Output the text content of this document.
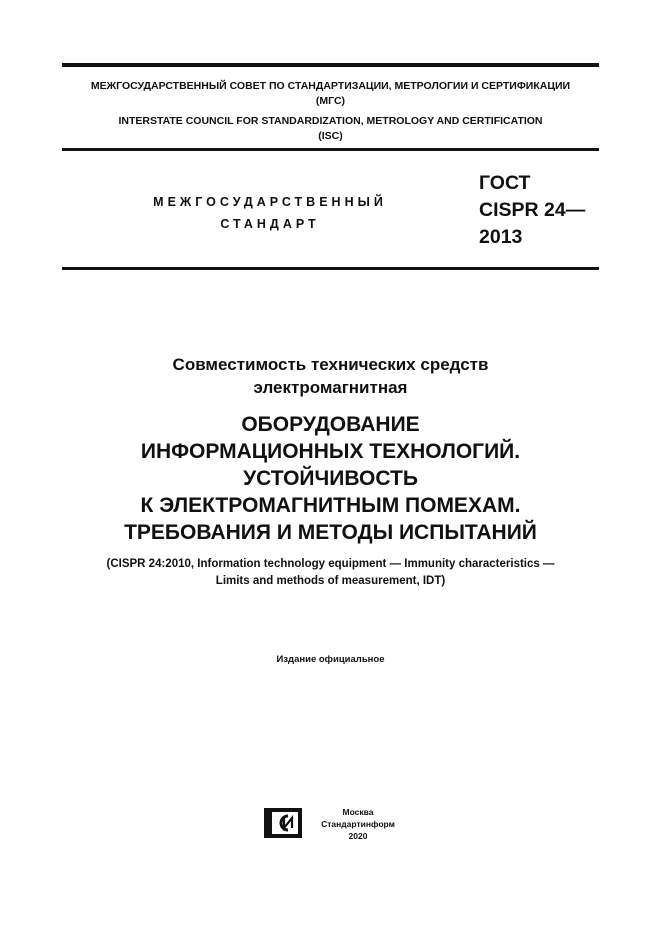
МЕЖГОСУДАРСТВЕННЫЙ СОВЕТ ПО СТАНДАРТИЗАЦИИ, МЕТРОЛОГИИ И СЕРТИФИКАЦИИ
(МГС)
INTERSTATE COUNCIL FOR STANDARDIZATION, METROLOGY AND CERTIFICATION
(ISC)
МЕЖГОСУДАРСТВЕННЫЙ
СТАНДАРТ
ГОСТ
CISPR 24—
2013
Совместимость технических средств
электромагнитная
ОБОРУДОВАНИЕ
ИНФОРМАЦИОННЫХ ТЕХНОЛОГИЙ.
УСТОЙЧИВОСТЬ
К ЭЛЕКТРОМАГНИТНЫМ ПОМЕХАМ.
ТРЕБОВАНИЯ И МЕТОДЫ ИСПЫТАНИЙ
(CISPR 24:2010, Information technology equipment — Immunity characteristics —
Limits and methods of measurement, IDT)
Издание официальное
Москва
Стандартинформ
2020
